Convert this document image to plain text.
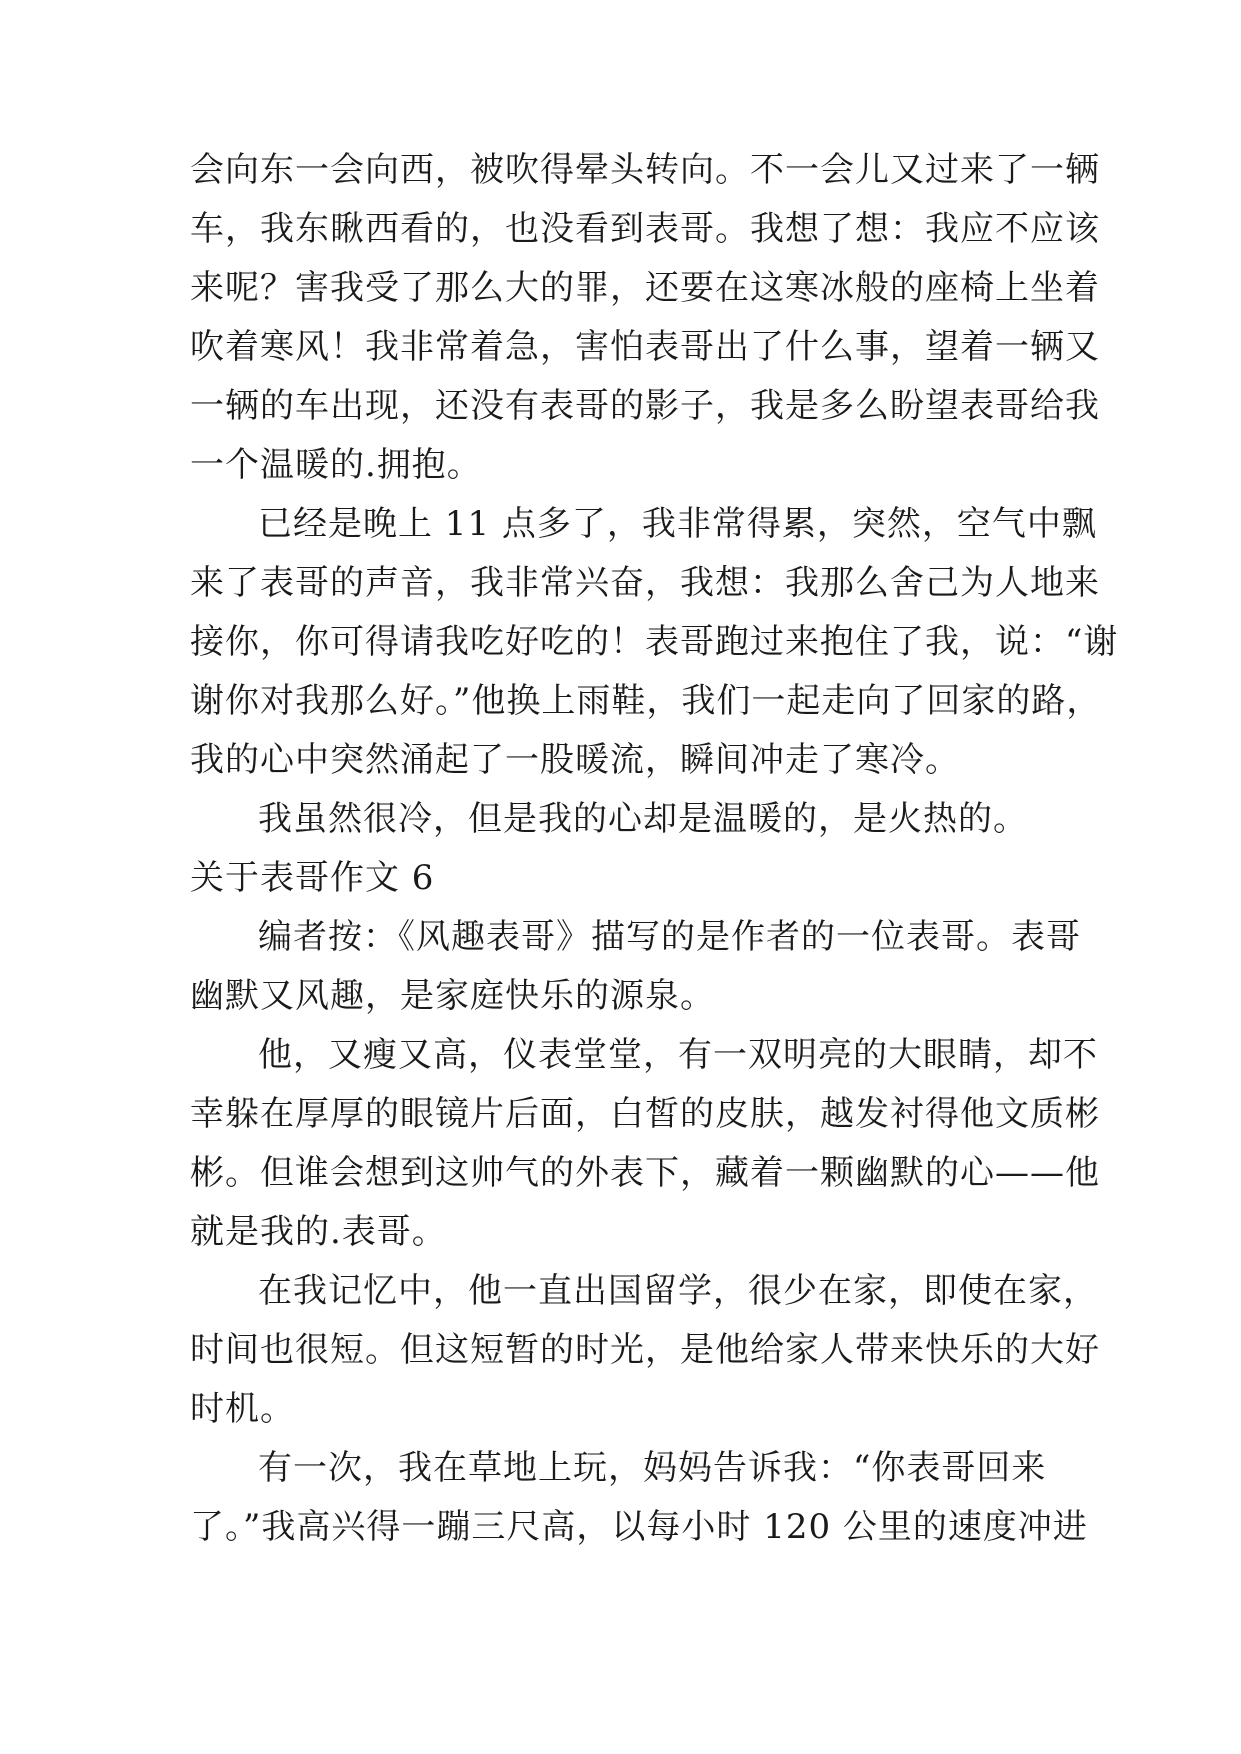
会向东一会向西，被吹得晕头转向。不一会儿又过来了一辆
车，我东瞅西看的，也没看到表哥。我想了想：我应不应该
来呢？害我受了那么大的罪，还要在这寒冰般的座椅上坐着
吹着寒风！我非常着急，害怕表哥出了什么事，望着一辆又
一辆的车出现，还没有表哥的影子，我是多么盼望表哥给我
一个温暖的.拥抱。
已经是晚上 11 点多了，我非常得累，突然，空气中飘
来了表哥的声音，我非常兴奋，我想：我那么舍己为人地来
接你，你可得请我吃好吃的！表哥跑过来抱住了我，说：“谢
谢你对我那么好。”他换上雨鞋，我们一起走向了回家的路，
我的心中突然涌起了一股暖流，瞬间冲走了寒冷。
我虽然很冷，但是我的心却是温暖的，是火热的。
关于表哥作文 6
编者按：《风趣表哥》描写的是作者的一位表哥。表哥
幽默又风趣，是家庭快乐的源泉。
他，又瘦又高，仪表堂堂，有一双明亮的大眼睛，却不
幸躲在厚厚的眼镜片后面，白皙的皮肤，越发衬得他文质彬
彬。但谁会想到这帅气的外表下，藏着一颗幽默的心——他
就是我的.表哥。
在我记忆中，他一直出国留学，很少在家，即使在家，
时间也很短。但这短暂的时光，是他给家人带来快乐的大好
时机。
有一次，我在草地上玩，妈妈告诉我：“你表哥回来
了。”我高兴得一蹦三尺高，以每小时 120 公里的速度冲进
